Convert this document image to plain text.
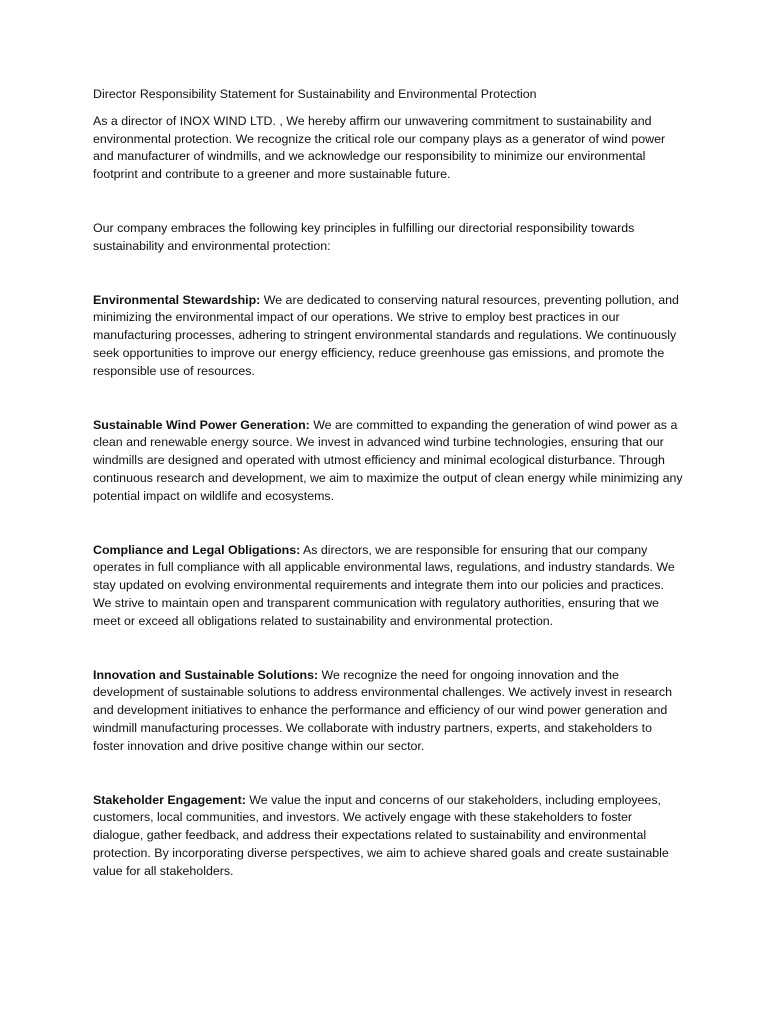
Director Responsibility Statement for Sustainability and Environmental Protection

As a director of INOX WIND LTD. , We hereby affirm our unwavering commitment to sustainability and environmental protection. We recognize the critical role our company plays as a generator of wind power and manufacturer of windmills, and we acknowledge our responsibility to minimize our environmental footprint and contribute to a greener and more sustainable future.

Our company embraces the following key principles in fulfilling our directorial responsibility towards sustainability and environmental protection:

Environmental Stewardship: We are dedicated to conserving natural resources, preventing pollution, and minimizing the environmental impact of our operations. We strive to employ best practices in our manufacturing processes, adhering to stringent environmental standards and regulations. We continuously seek opportunities to improve our energy efficiency, reduce greenhouse gas emissions, and promote the responsible use of resources.

Sustainable Wind Power Generation: We are committed to expanding the generation of wind power as a clean and renewable energy source. We invest in advanced wind turbine technologies, ensuring that our windmills are designed and operated with utmost efficiency and minimal ecological disturbance. Through continuous research and development, we aim to maximize the output of clean energy while minimizing any potential impact on wildlife and ecosystems.

Compliance and Legal Obligations: As directors, we are responsible for ensuring that our company operates in full compliance with all applicable environmental laws, regulations, and industry standards. We stay updated on evolving environmental requirements and integrate them into our policies and practices. We strive to maintain open and transparent communication with regulatory authorities, ensuring that we meet or exceed all obligations related to sustainability and environmental protection.

Innovation and Sustainable Solutions: We recognize the need for ongoing innovation and the development of sustainable solutions to address environmental challenges. We actively invest in research and development initiatives to enhance the performance and efficiency of our wind power generation and windmill manufacturing processes. We collaborate with industry partners, experts, and stakeholders to foster innovation and drive positive change within our sector.

Stakeholder Engagement: We value the input and concerns of our stakeholders, including employees, customers, local communities, and investors. We actively engage with these stakeholders to foster dialogue, gather feedback, and address their expectations related to sustainability and environmental protection. By incorporating diverse perspectives, we aim to achieve shared goals and create sustainable value for all stakeholders.
